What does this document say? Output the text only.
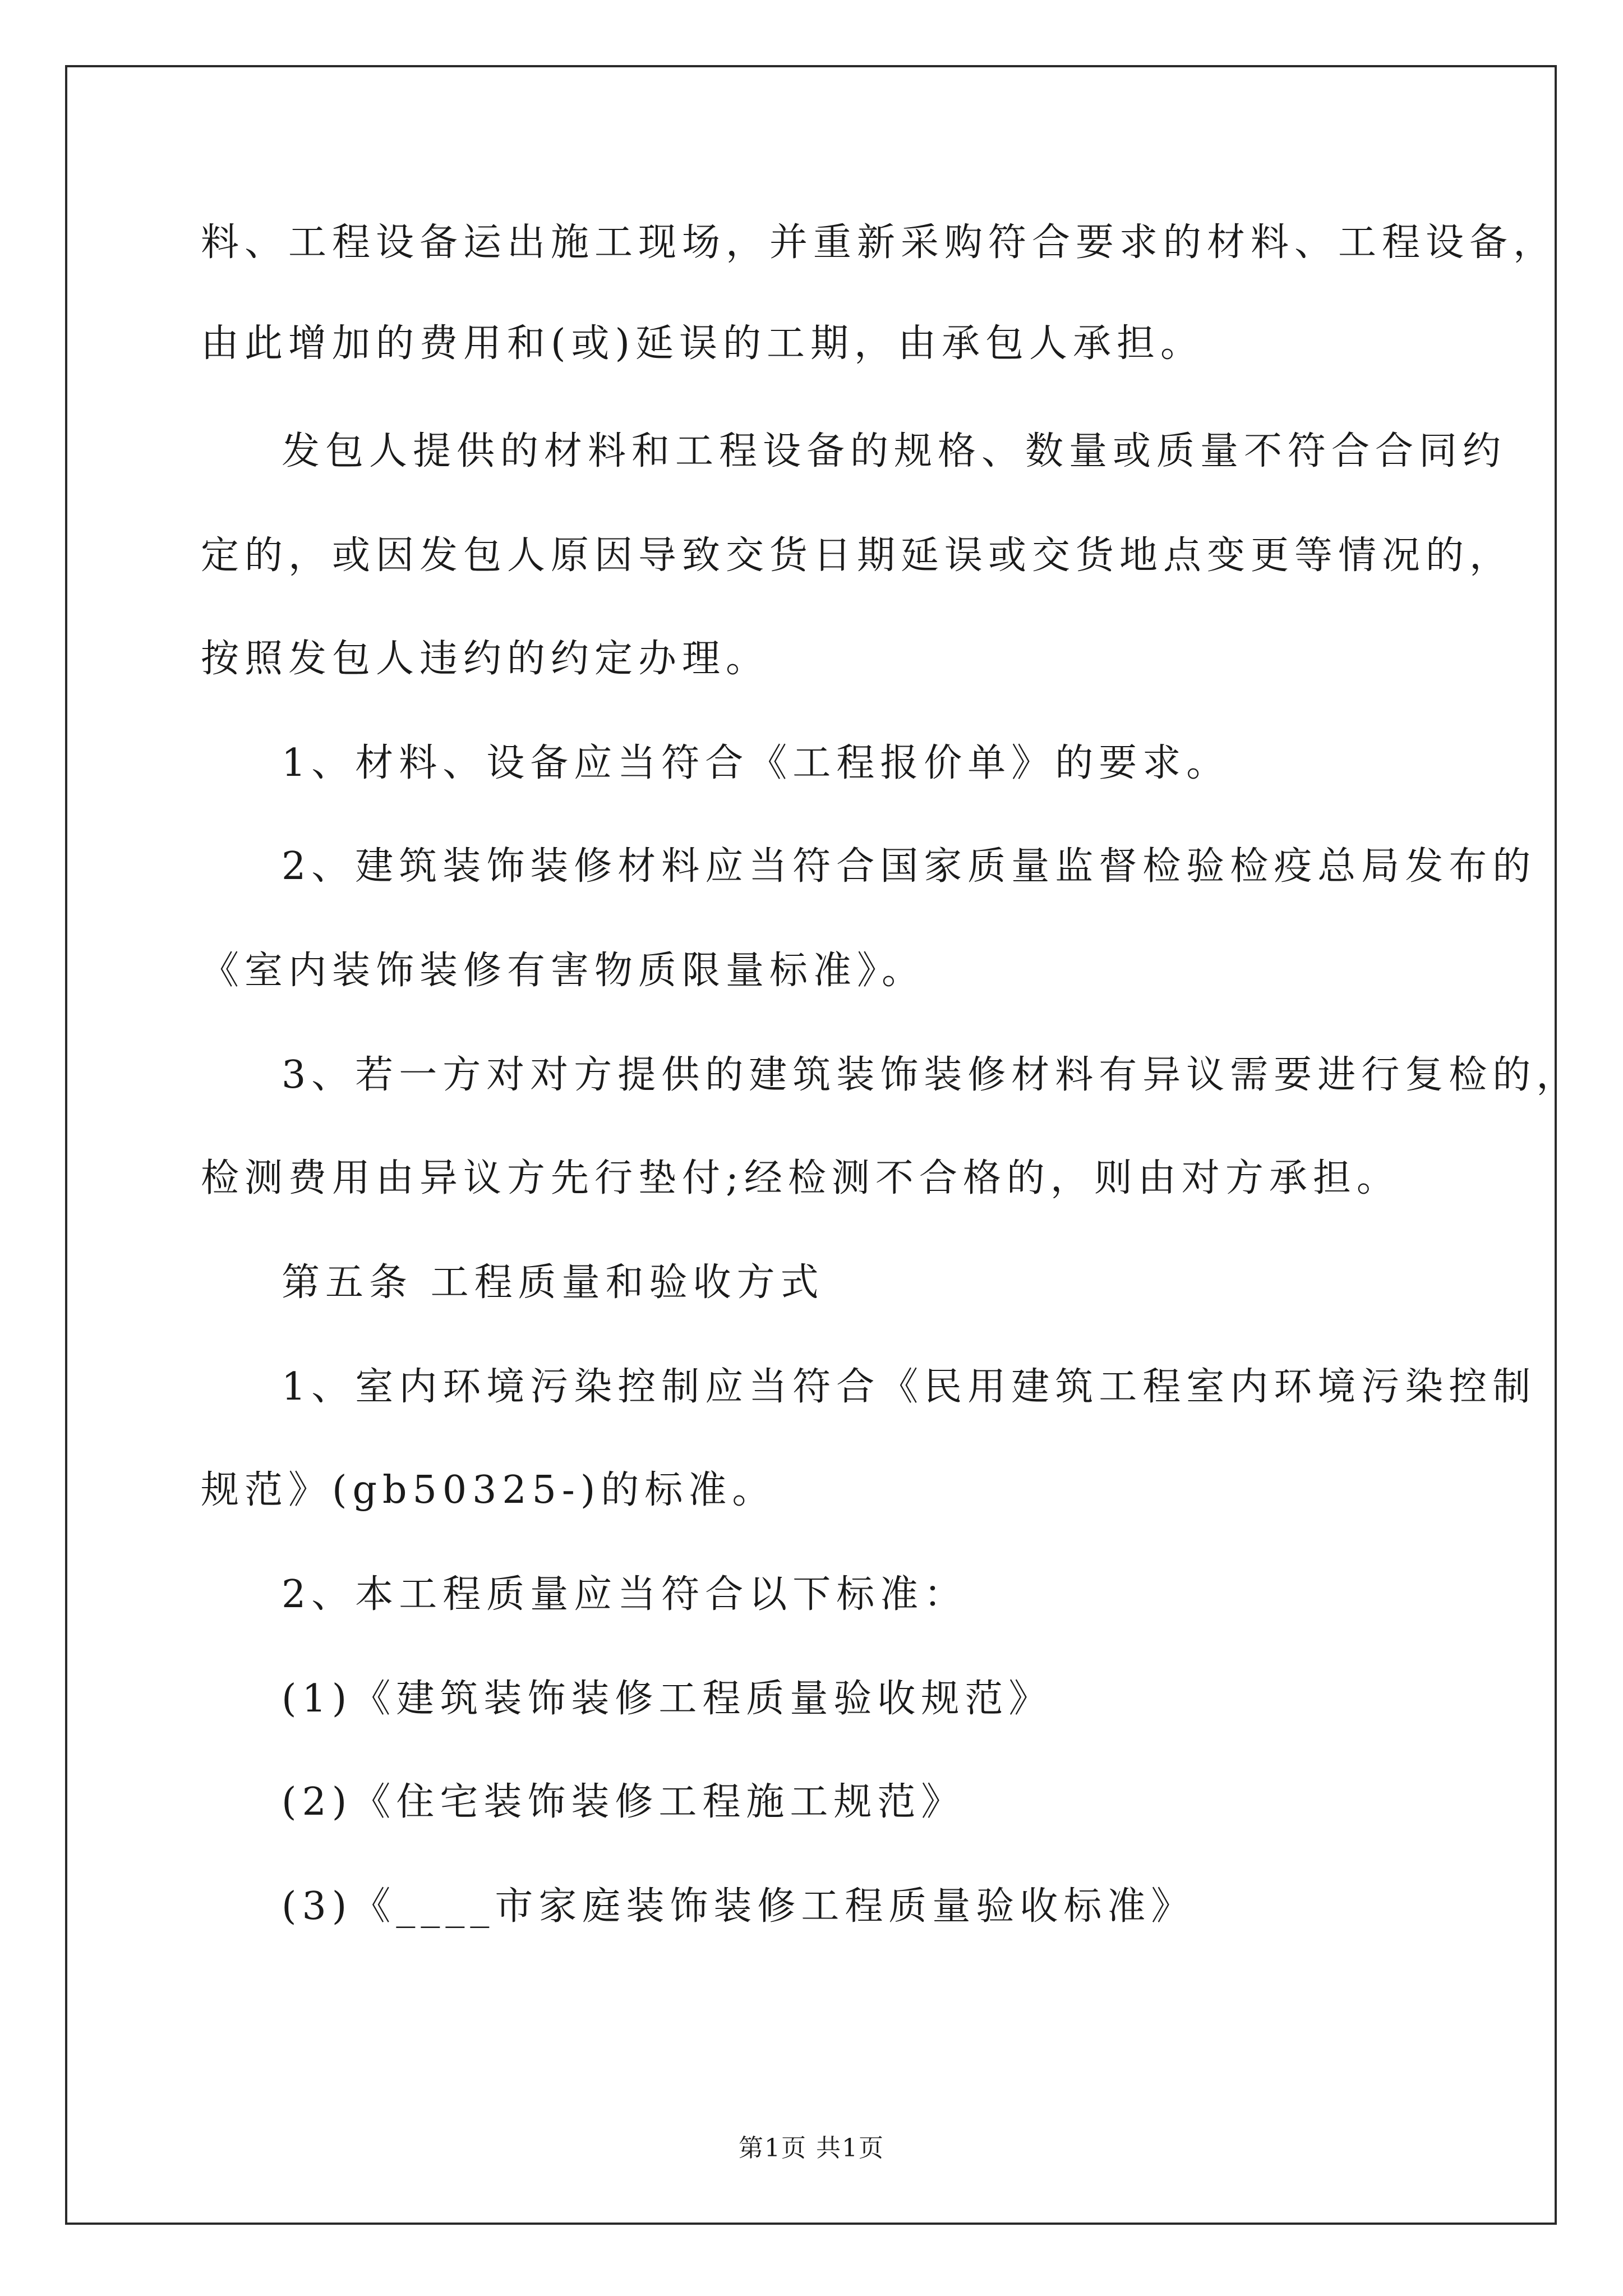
料、工程设备运出施工现场，并重新采购符合要求的材料、工程设备，
由此增加的费用和(或)延误的工期，由承包人承担。
发包人提供的材料和工程设备的规格、数量或质量不符合合同约
定的，或因发包人原因导致交货日期延误或交货地点变更等情况的，
按照发包人违约的约定办理。
1、材料、设备应当符合《工程报价单》的要求。
2、建筑装饰装修材料应当符合国家质量监督检验检疫总局发布的
《室内装饰装修有害物质限量标准》。
3、若一方对对方提供的建筑装饰装修材料有异议需要进行复检的，
检测费用由异议方先行垫付;经检测不合格的，则由对方承担。
第五条 工程质量和验收方式
1、室内环境污染控制应当符合《民用建筑工程室内环境污染控制
规范》(gb50325-)的标准。
2、本工程质量应当符合以下标准：
(1)《建筑装饰装修工程质量验收规范》
(2)《住宅装饰装修工程施工规范》
(3)《____市家庭装饰装修工程质量验收标准》
第1页 共1页
